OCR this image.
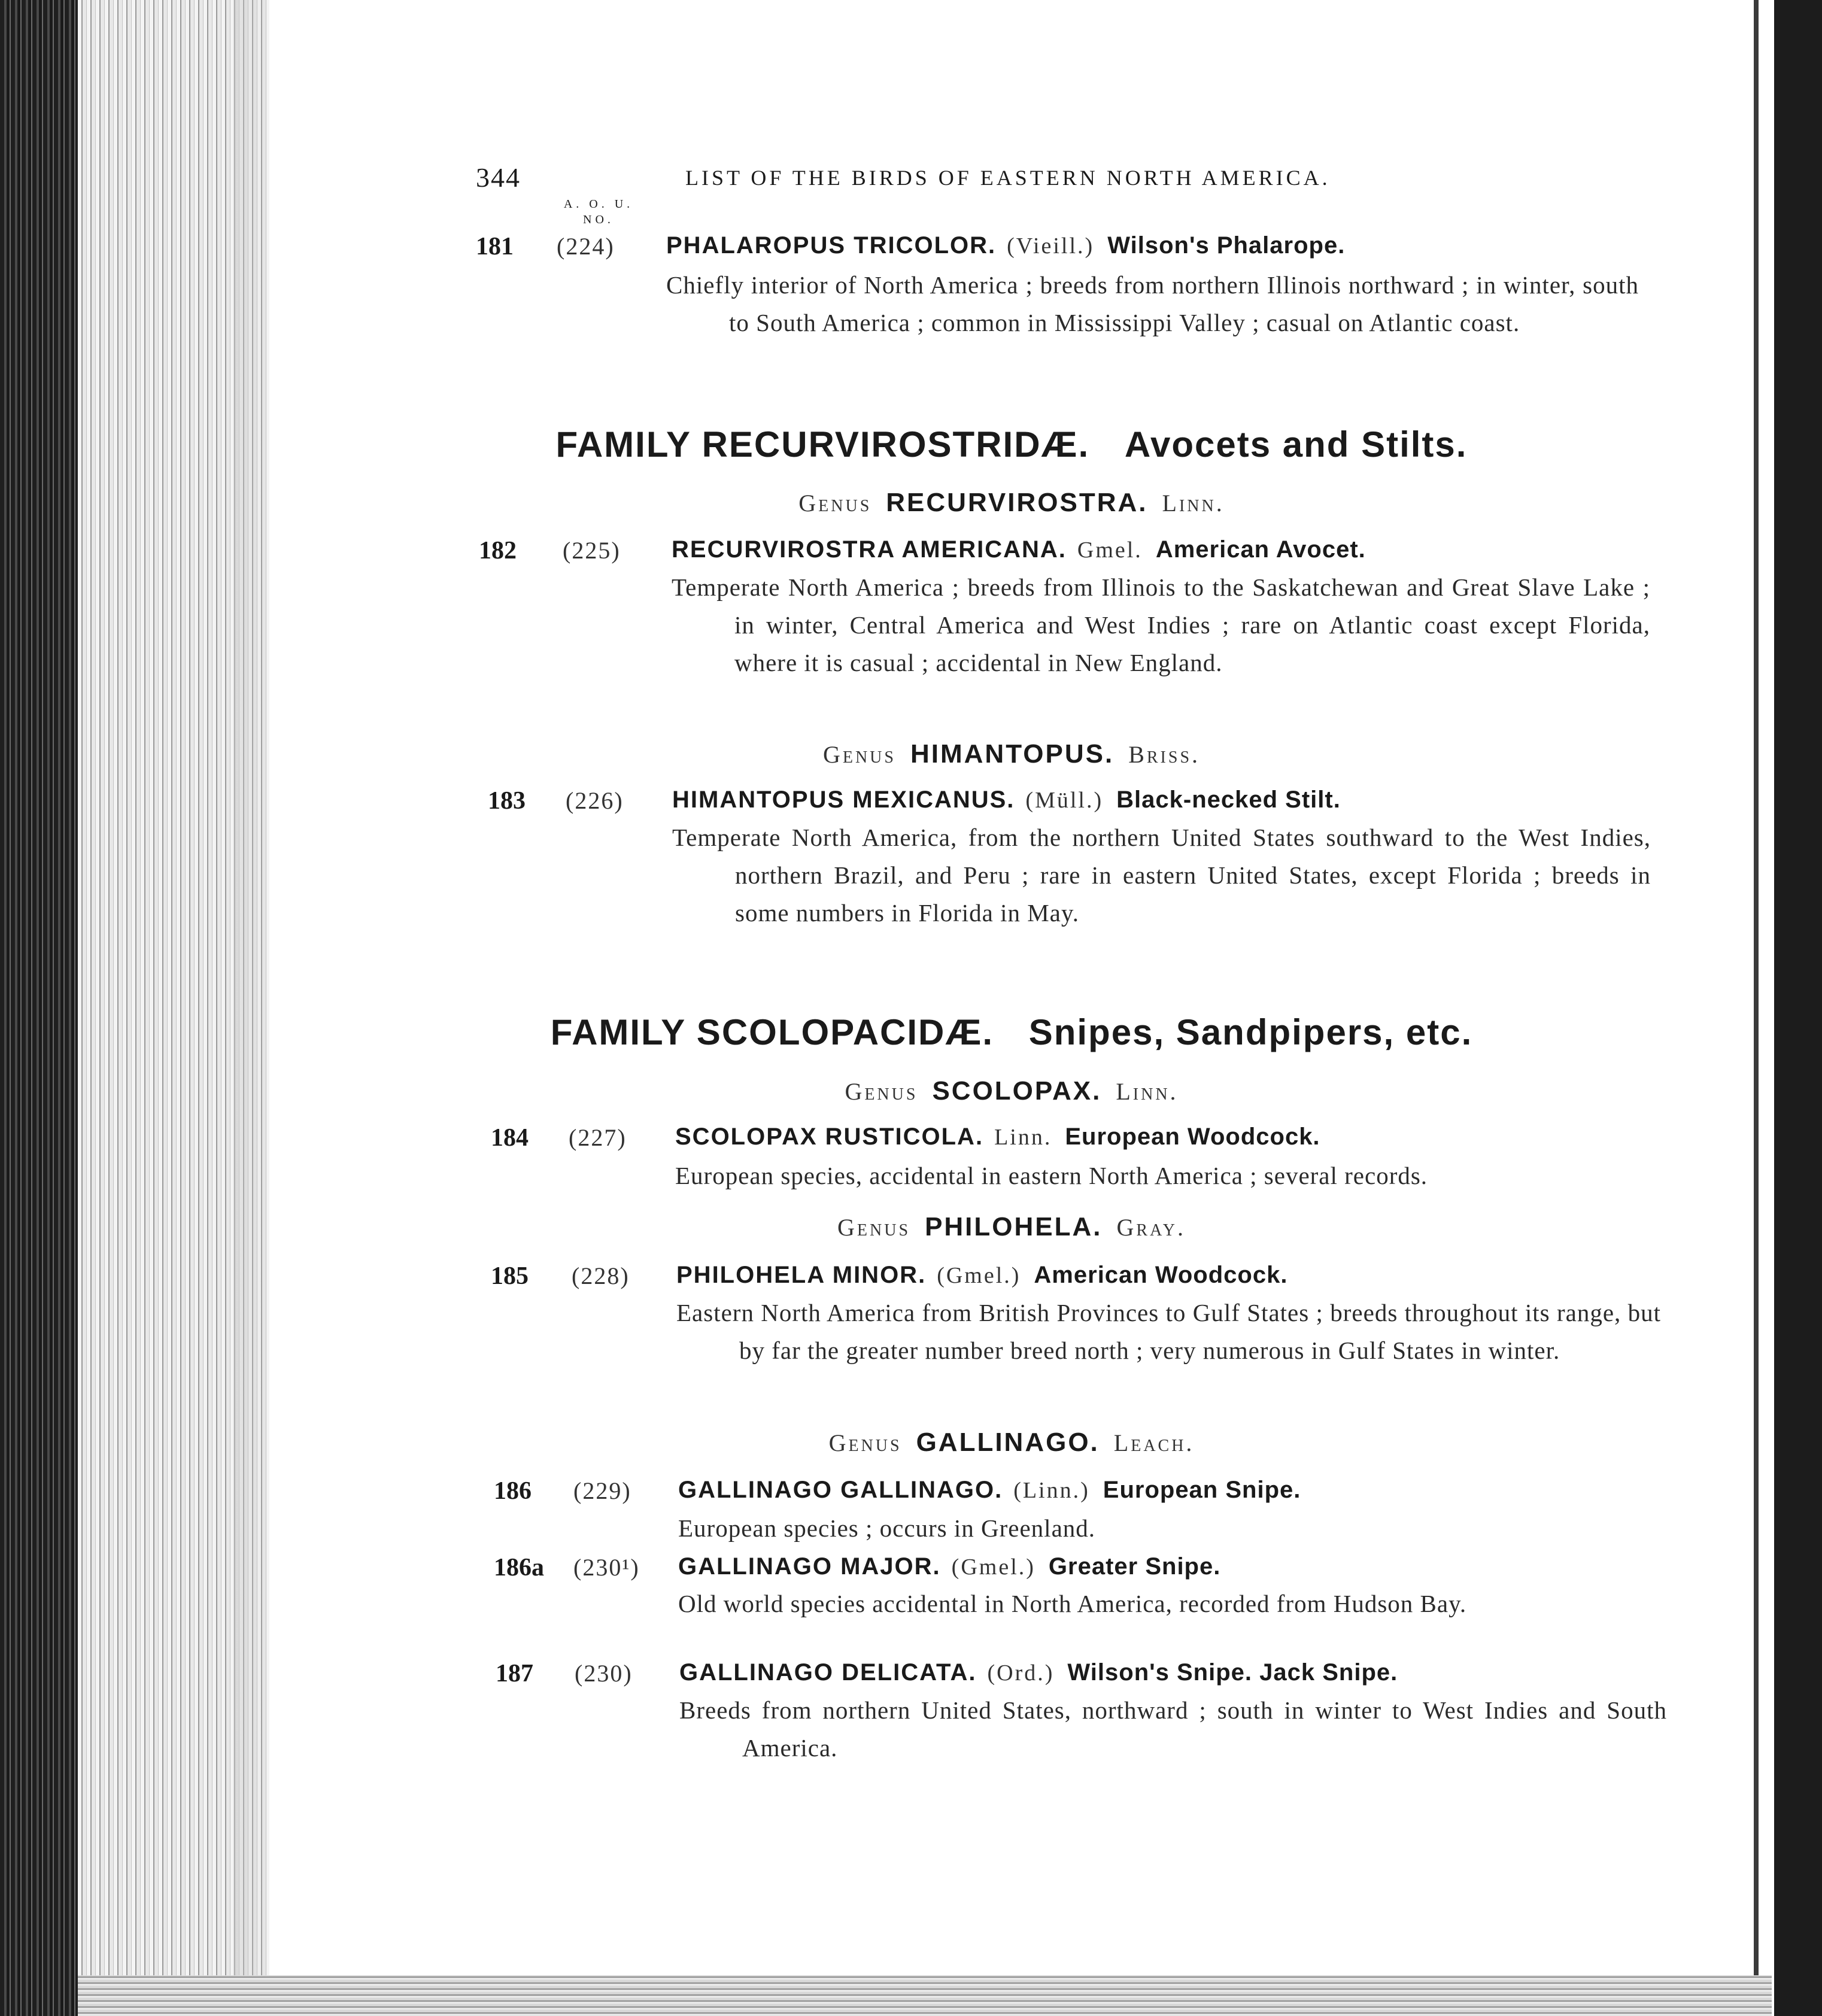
344	LIST OF THE BIRDS OF EASTERN NORTH AMERICA.
A. O. U.
NO.
181 (224) PHALAROPUS TRICOLOR. (Vieill.) Wilson's Phalarope.
Chiefly interior of North America ; breeds from northern Illinois northward ; in winter, south to South America ; common in Mississippi Valley ; casual on Atlantic coast.
FAMILY RECURVIROSTRIDÆ. Avocets and Stilts.
Genus RECURVIROSTRA. Linn.
182 (225) RECURVIROSTRA AMERICANA. Gmel. American Avocet.
Temperate North America ; breeds from Illinois to the Saskatchewan and Great Slave Lake ; in winter, Central America and West Indies ; rare on Atlantic coast except Florida, where it is casual ; accidental in New England.
Genus HIMANTOPUS. Briss.
183 (226) HIMANTOPUS MEXICANUS. (Müll.) Black-necked Stilt.
Temperate North America, from the northern United States southward to the West Indies, northern Brazil, and Peru ; rare in eastern United States, except Florida ; breeds in some numbers in Florida in May.
FAMILY SCOLOPACIDÆ. Snipes, Sandpipers, etc.
Genus SCOLOPAX. Linn.
184 (227) SCOLOPAX RUSTICOLA. Linn. European Woodcock.
European species, accidental in eastern North America ; several records.
Genus PHILOHELA. Gray.
185 (228) PHILOHELA MINOR. (Gmel.) American Woodcock.
Eastern North America from British Provinces to Gulf States ; breeds throughout its range, but by far the greater number breed north ; very numerous in Gulf States in winter.
Genus GALLINAGO. Leach.
186 (229) GALLINAGO GALLINAGO. (Linn.) European Snipe.
European species ; occurs in Greenland.
186a (230¹) GALLINAGO MAJOR. (Gmel.) Greater Snipe.
Old world species accidental in North America, recorded from Hudson Bay.
187 (230) GALLINAGO DELICATA. (Ord.) Wilson's Snipe. Jack Snipe.
Breeds from northern United States, northward ; south in winter to West Indies and South America.
